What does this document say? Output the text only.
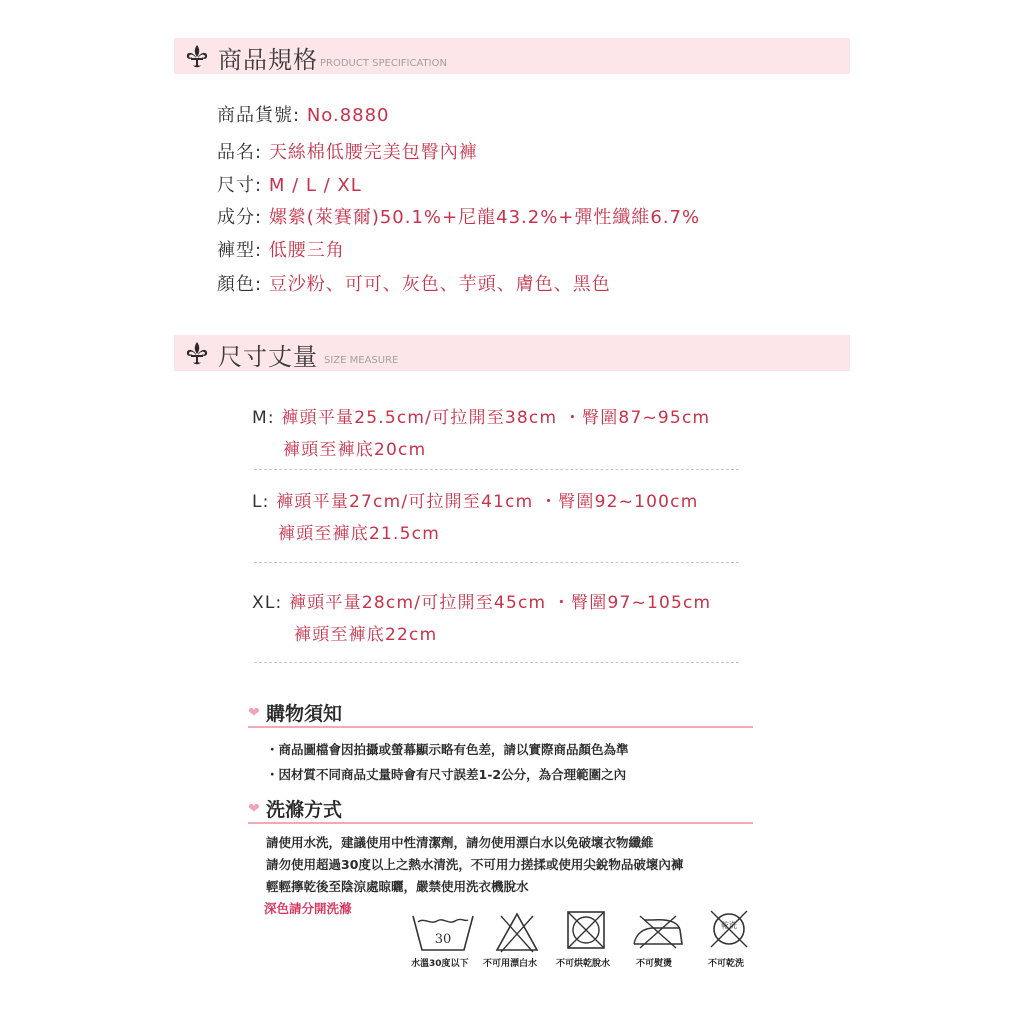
商品規格 PRODUCT SPECIFICATION
商品貨號: No.8880
品名: 天絲棉低腰完美包臀內褲
尺寸: M / L / XL
成分: 嫘縈(萊賽爾)50.1%+尼龍43.2%+彈性纖維6.7%
褲型: 低腰三角
顏色: 豆沙粉、可可、灰色、芋頭、膚色、黑色
尺寸丈量 SIZE MEASURE
M: 褲頭平量25.5cm/可拉開至38cm ・臀圍87~95cm
褲頭至褲底20cm
L: 褲頭平量27cm/可拉開至41cm ・臀圍92~100cm
褲頭至褲底21.5cm
XL: 褲頭平量28cm/可拉開至45cm ・臀圍97~105cm
褲頭至褲底22cm
❤ 購物須知
・商品圖檔會因拍攝或螢幕顯示略有色差，請以實際商品顏色為準
・因材質不同商品丈量時會有尺寸誤差1-2公分，為合理範圍之內
❤ 洗滌方式
請使用水洗，建議使用中性清潔劑，請勿使用漂白水以免破壞衣物纖維
請勿使用超過30度以上之熱水清洗，不可用力搓揉或使用尖銳物品破壞內褲
輕輕擰乾後至陰涼處晾曬，嚴禁使用洗衣機脫水
深色請分開洗滌
30
乾洗
水溫30度以下 不可用漂白水 不可烘乾脫水	不可熨燙	不可乾洗
